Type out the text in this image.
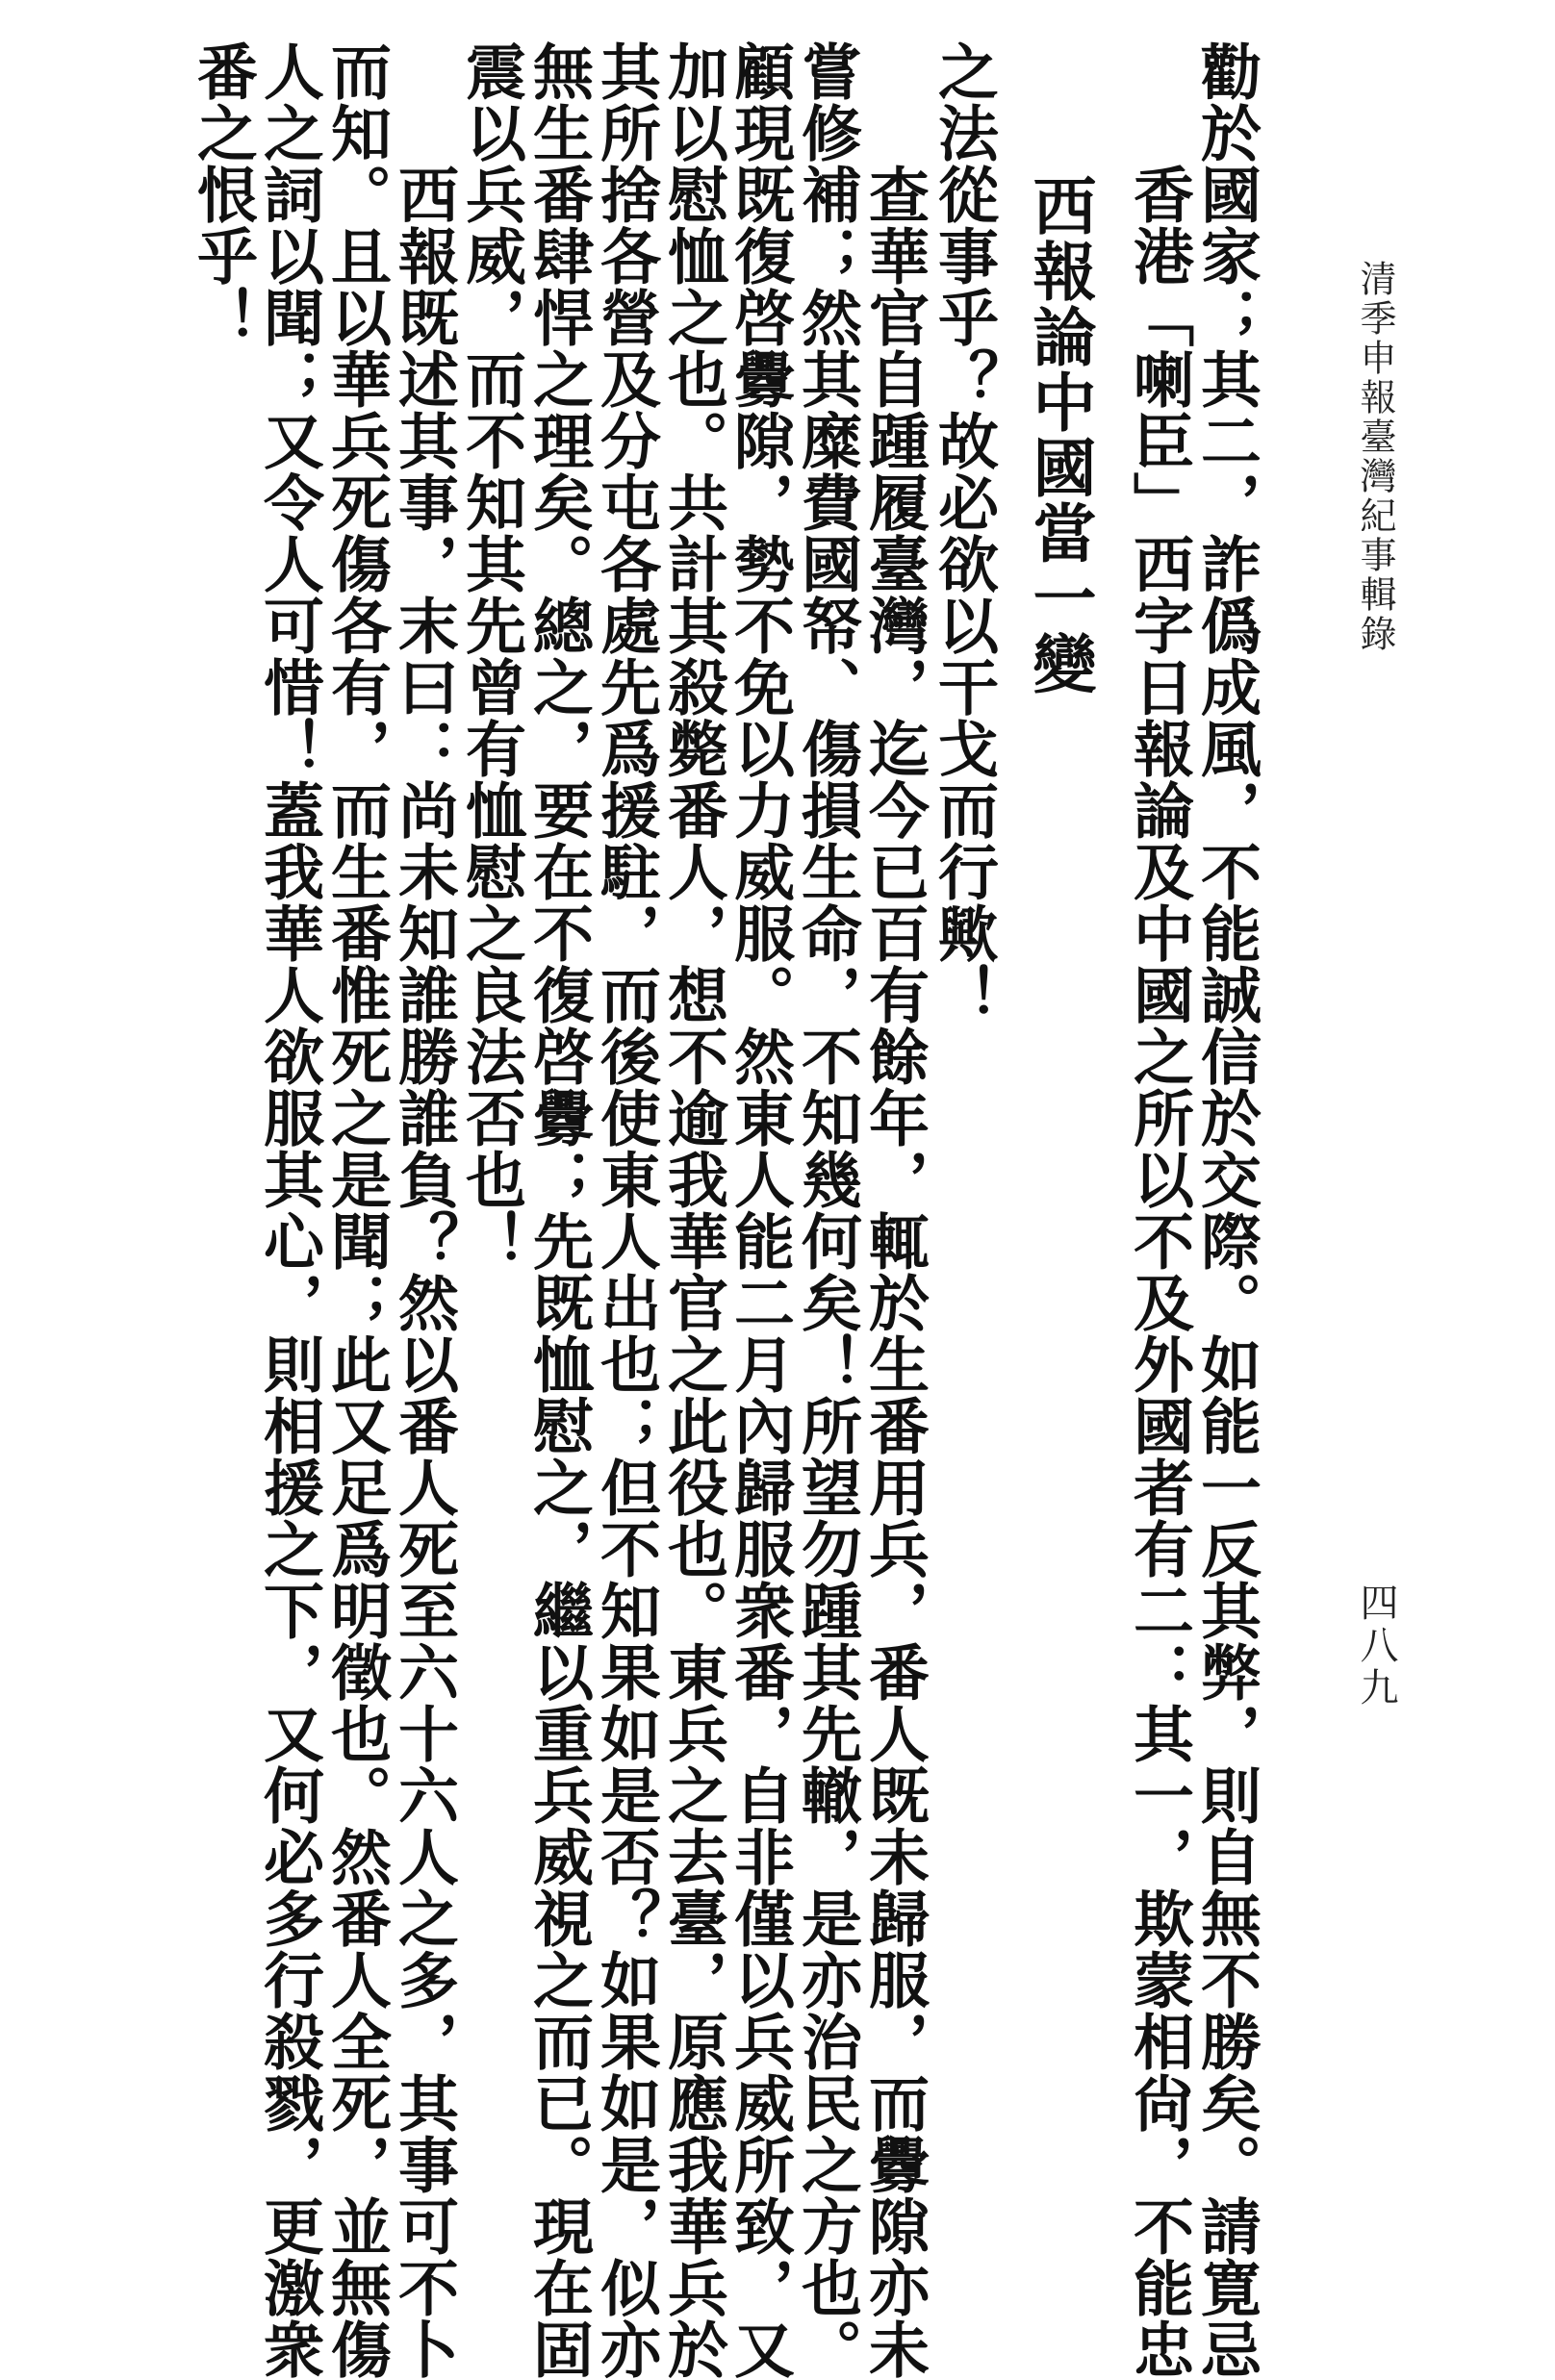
之法從事乎？故必欲以干戈而行歟！

　　查華官自踵履臺灣，迄今已百有餘年，輒於生番用兵，番人既未歸服，而釁隙亦未

嘗修補；然其糜費國帑、傷損生命，不知幾何矣！所望勿踵其先轍，是亦治民之方也。

顧現既復啓釁隙，勢不免以力威服。然東人能二月內歸服衆番，自非僅以兵威所致，又

加以慰恤之也。共計其殺斃番人，想不逾我華官之此役也。東兵之去臺，原應我華兵於

其所捨各營及分屯各處先爲援駐，而後使東人出也；但不知果如是否？如果如是，似亦

無生番肆悍之理矣。總之，要在不復啓釁；先既恤慰之，繼以重兵威視之而已。現在固

震以兵威，而不知其先曾有恤慰之良法否也！

　　西報既述其事，末曰：尚未知誰勝誰負？然以番人死至六十六人之多，其事可不卜

而知。且以華兵死傷各有，而生番惟死之是聞；此又足爲明徵也。然番人全死，並無傷

人之詞以聞；又令人可惜！蓋我華人欲服其心，則相援之下，又何必多行殺戮，更激衆

番之恨乎！	西報論中國當一變 　　香港「喇臣」西字日報論及中國之所以不及外國者有二：其一，欺蒙相尙，不能忠

勸於國家；其二，詐僞成風，不能誠信於交際。如能一反其弊，則自無不勝矣。請寛忌	清季申報臺灣紀事輯錄
四八九
